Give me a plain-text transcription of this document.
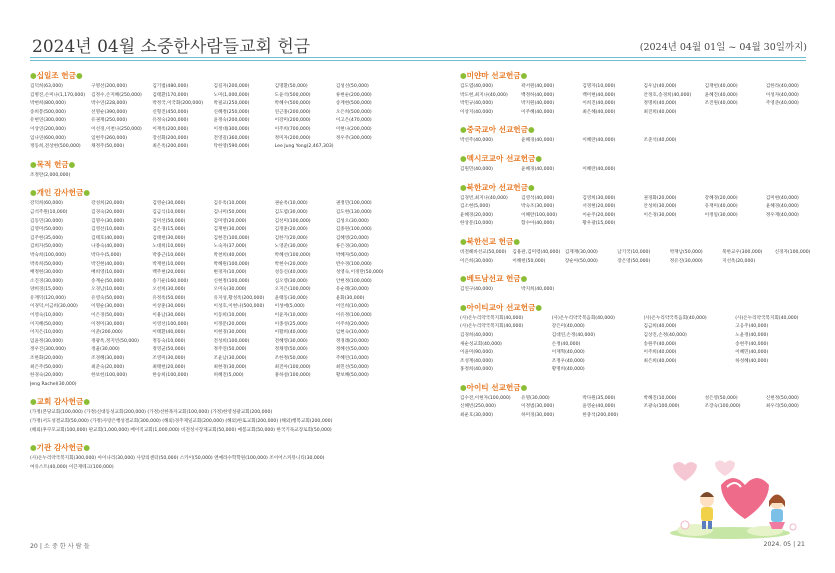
2024년 04월 소중한사람들교회 헌금	(2024년 04월 01일 ~ 04월 30일까지)
●십일조 헌금●
김덕희(63,000)	구명선(200,000)	김기범(480,000)	김길자(200,000)	김명환(50,000)	김성선(50,000)
김병진,손미나(1,170,000)	김정수,손지혜(250,000)	김태환(170,000)	노미(1,000,000)	도윤석(500,000)	류현순(200,000)
박현희(800,000)	박수연(228,000)	박정국,이국화(200,000)	박필교(250,000)	박혜수(500,000)	송계현(500,000)
송희봉(500,000)	선명순(390,000)	신형진(450,000)	신혜정(250,000)	연근홍(200,000)	오은희(500,000)
유현연(300,000)	유권재(250,000)	유정숙(200,000)	윤정숙(200,000)	이강미(200,000)	이고은(470,000)
이상연(200,000)	이선경,이천나(250,000)	이재옥(200,000)	이정대(300,000)	이주희(700,000)	이현나(200,000)
임나연(600,000)	임현주(260,000)	장선화(200,000)	전영길(360,000)	정미자(200,000)	정우주(300,000)
정동희,전상현(500,000)	채정주(50,000)	최은옥(200,000)	탁한영(590,000)	Lee Jung Yong(2,467,303)
●목적 헌금●
조정란(2,000,000)
●개인 감사헌금●
강덕희(60,000)	강성희(20,000)	김영순(30,000)	김유옥(10,000)	권순옥(10,000)	권정민(100,000)
금석주원(10,000)	김경숙(20,000)	김금식(10,000)	김나미(50,000)	김도엽(30,000)	김도현(130,000)
김동민(30,000)	김명수(30,000)	김미선(50,000)	김미영(20,000)	김선미(100,000)	김성오(30,000)
김영미(50,000)	김영선(10,000)	김은경(15,000)	김재현(30,000)	김정훈(20,000)	김종원(100,000)
김주현(35,000)	김태호(40,000)	김태헌(30,000)	김현진(100,000)	김한기(20,000)	김혜영(20,000)
김희자(50,000)	나종숙(40,000)	노대희(10,000)	노숙자(37,000)	노영준(30,000)	류은경(30,000)
박숙희(100,000)	박다수(5,000)	박종근(10,000)	박천희(40,000)	박혜선(100,000)	박혜자(50,000)
박옥희(50,000)	박진현(40,000)	박재헌(10,000)	박혜원(100,000)	박현수(20,000)	반수경(100,000)
배정현(30,000)	배희영(10,000)	백주현(20,000)	변경자(10,000)	성동신(40,000)	성영숙,이경란(50,000)
소진경(30,000)	송계순(50,000)	송기운(160,000)	신현정(100,000)	심오영(30,000)	안현정(100,000)
양희경(15,000)	오경남(10,000)	오선희(30,000)	오미숙(30,000)	오지은(100,000)	유순례(30,000)
유재덕(120,000)	유영숙(50,000)	유정옥(50,000)	유지성,황성옥(200,000)	윤태동(30,000)	윤화(30,000)
이경덕,이금희(30,000)	이명순(30,000)	이상훈(30,000)	이성호,이현나(500,000)	이성애(5,000)	이인희(10,000)
이영숙(10,000)	이은경(50,000)	이용남(30,000)	이동희(10,000)	이윤자(10,000)	이유정(100,000)
이지혜(50,000)	이정미(30,000)	이영선(100,000)	이정문(20,000)	이종성(25,000)	이주희(20,000)
이지은(10,000)	이준(200,000)	이태환(40,000)	이현경(30,000)	이활희(40,000)	임현숙(10,000)
임윤정(30,000)	정광옥,정지빈(50,000)	정동숙(10,000)	전성희(100,000)	전혜영(30,000)	정경례(20,000)
정우진(300,000)	정율(30,000)	정영균(50,000)	정주연(50,000)	정채영(50,000)	정혜선(50,000)
조한화(20,000)	조경혜(30,000)	조영미(30,000)	조윤남(30,000)	조한정(50,000)	주혜린(10,000)
최은주(50,000)	최준숙(20,000)	최태헌(20,000)	최현경(30,000)	최진아(100,000)	최민선(50,000)
한경숙(20,000)	한보헌(100,000)	한승희(100,000)	허혜진(5,000)	홍하설(100,000)	황보혜(50,000)
Jeng Rachel(30,000)
●교회 감사헌금●
(가정)본당교회(100,000) (가정)신대동성교회(200,000) (가정)선한목자교회(100,000) (가정)한영성광교회(200,000)
(가정)서도성결교회(50,000) (가정)사랑은행성결교회(300,000) (해외)경주제일교회(200,000) (해외)한또교회(200,000) (해외)행복교회(200,000)
(해외)후쿠모교회(100,000) 판교회(1,000,000) 베이직교회(1,000,000) 비전성시장제교회(50,000) 예봄교회(50,000) 한국기독교장로회(50,000)
●기관 감사헌금●
(사)온누리약국복지회(300,000) 아이나리(30,000) 사랑의센터(50,000) 스카이(50,000) 엔예라수학학원(100,000) 조이어스커뮤니티(30,000)
여유스트(40,000) 이끈재테크(100,000)
●미얀마 선교헌금●
김도엽(40,000)	곽서원(40,000)	김명자(10,000)	김우남(40,000)	김재헌(40,000)	김한라(40,000)
박도현,최지나(40,000)	백정하(40,000)	백미현(40,000)	안정호,송경희(40,000)	윤혜진(40,000)	이성자(40,000)
박민규(40,000)	박지원(40,000)	이희진(40,000)	정명희(40,000)	조진원(40,000)	주영준(40,000)
이상지(40,000)	이주혜(40,000)	최은혜(40,000)	최진희(40,000)
●중국교아 선교헌금●
박선주(40,000)	윤혜경(40,000)	이혜란(40,000)	조준석(40,000)
●멕시코교아 선교헌금●
김원민(40,000)	윤혜경(40,000)	이혜란(40,000)
●북한교아 선교헌금●
김경빈,최지나(40,000)	김영석(40,000)	김영희(30,000)	권경화(20,000)	강혜경(20,000)	김미현(40,000)
김소현(5,000)	박숙조(30,000)	서경현(20,000)	안성희(30,000)	유재미(40,000)	윤혜경(40,000)
윤혜경(20,000)	이혜란(100,000)	이순주(20,000)	이은경(30,000)	이정일(30,000)	정우재(40,000)
한상문(10,000)	함수아(40,000)	황우광(15,000)
●북한선교 헌금●
비전헤바선교(50,000)	김용관,김미령(40,000)	김재재(30,000)	남기국(10,000)	박재남(50,000)	북한교우(300,000)	신경자(100,000)
이은희(30,000)	이해헌(50,000)	장순아(50,000)	장은영(50,000)	정유진(30,000)	지선옥(20,000)
●베트남선교 헌금●
김연구(40,000)	박지희(40,000)
●아이티교아 선교헌금●
(사)온누리약국복지회(40,000)	(사)온누리약국복음회(40,000)	(사)온누리약국복음회(40,000)	(사)온누리약국복지회(40,000)
(사)온누리약국복지회(40,000)	강은미(40,000)	김금희(40,000)	고응주(40,000)
김경희(40,000)	김대연,손정(40,000)	김상진,손정(40,000)	노윤정(40,000)
새순성교회(40,000)	손정(40,000)	송원주(40,000)	송현주(40,000)
이윤미(90,000)	이재혁(40,000)	이주희(40,000)	이혜민(40,000)
조성계(40,000)	조정우(40,000)	최은희(40,000)	하성혜(40,000)
홍정희(40,000)	황명희(40,000)
●아이티 선교헌금●
김수전,이현자(100,000)	유명(30,000)	박다원(35,000)	박혜진(10,000)	성은영(50,000)	신현정(50,000)
신혜빈(250,000)	이정범(30,000)	윤영순(40,000)	조광숙(100,000)	조장숙(100,000)	최우리(50,000)
최운호(30,000)	하미경(30,000)	한충석(200,000)
20 | 소 중 한 사 람 들	2024. 05 | 21
